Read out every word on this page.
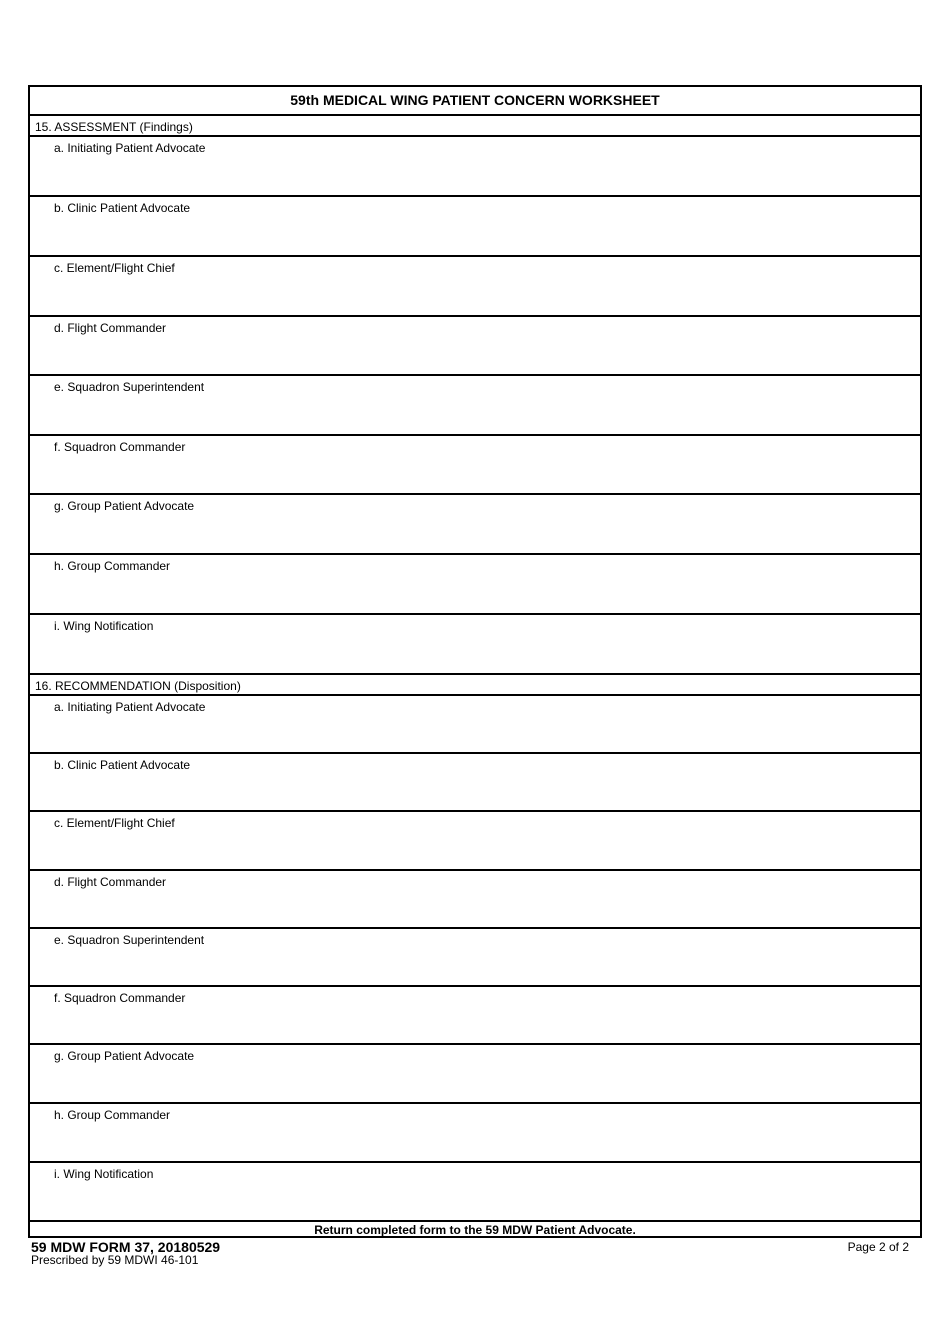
59th MEDICAL WING PATIENT CONCERN WORKSHEET
15. ASSESSMENT (Findings)
a. Initiating Patient Advocate
b. Clinic Patient Advocate
c. Element/Flight Chief
d. Flight Commander
e. Squadron Superintendent
f. Squadron Commander
g. Group Patient Advocate
h. Group Commander
i. Wing Notification
16. RECOMMENDATION (Disposition)
a. Initiating Patient Advocate
b. Clinic Patient Advocate
c. Element/Flight Chief
d. Flight Commander
e. Squadron Superintendent
f. Squadron Commander
g. Group Patient Advocate
h. Group Commander
i. Wing Notification
Return completed form to the 59 MDW Patient Advocate.
59 MDW FORM 37, 20180529
Prescribed by 59 MDWI 46-101
Page 2 of 2
